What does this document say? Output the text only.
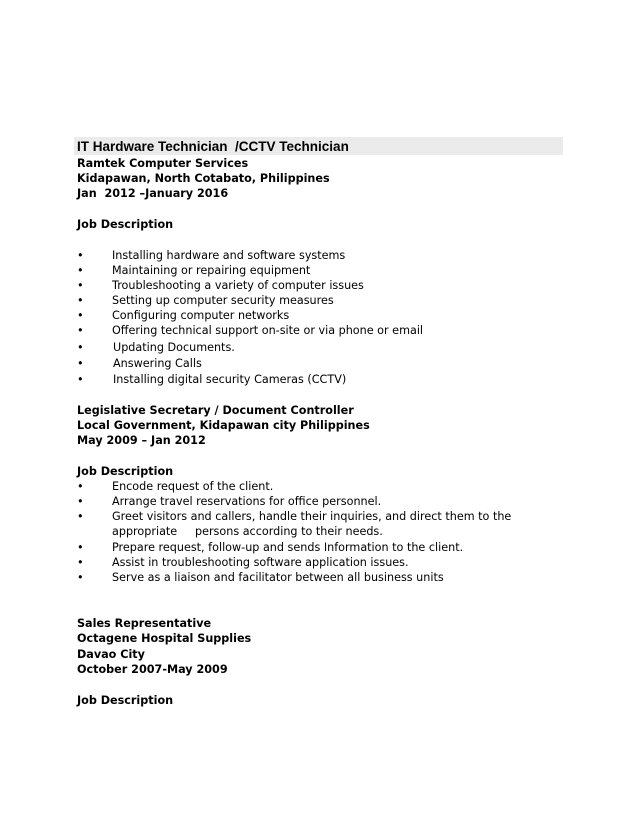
IT Hardware Technician  /CCTV Technician
Ramtek Computer Services
Kidapawan, North Cotabato, Philippines
Jan  2012 –January 2016
Job Description
•	Installing hardware and software systems
•	Maintaining or repairing equipment
•	Troubleshooting a variety of computer issues
•	Setting up computer security measures
•	Configuring computer networks
•	Offering technical support on-site or via phone or email
•	Updating Documents.
•	Answering Calls
•	Installing digital security Cameras (CCTV)
Legislative Secretary / Document Controller
Local Government, Kidapawan city Philippines
May 2009 – Jan 2012
Job Description
•	Encode request of the client.
•	Arrange travel reservations for office personnel.
•	Greet visitors and callers, handle their inquiries, and direct them to the
appropriate     persons according to their needs.
•	Prepare request, follow-up and sends Information to the client.
•	Assist in troubleshooting software application issues.
•	Serve as a liaison and facilitator between all business units
Sales Representative
Octagene Hospital Supplies
Davao City
October 2007-May 2009
Job Description
